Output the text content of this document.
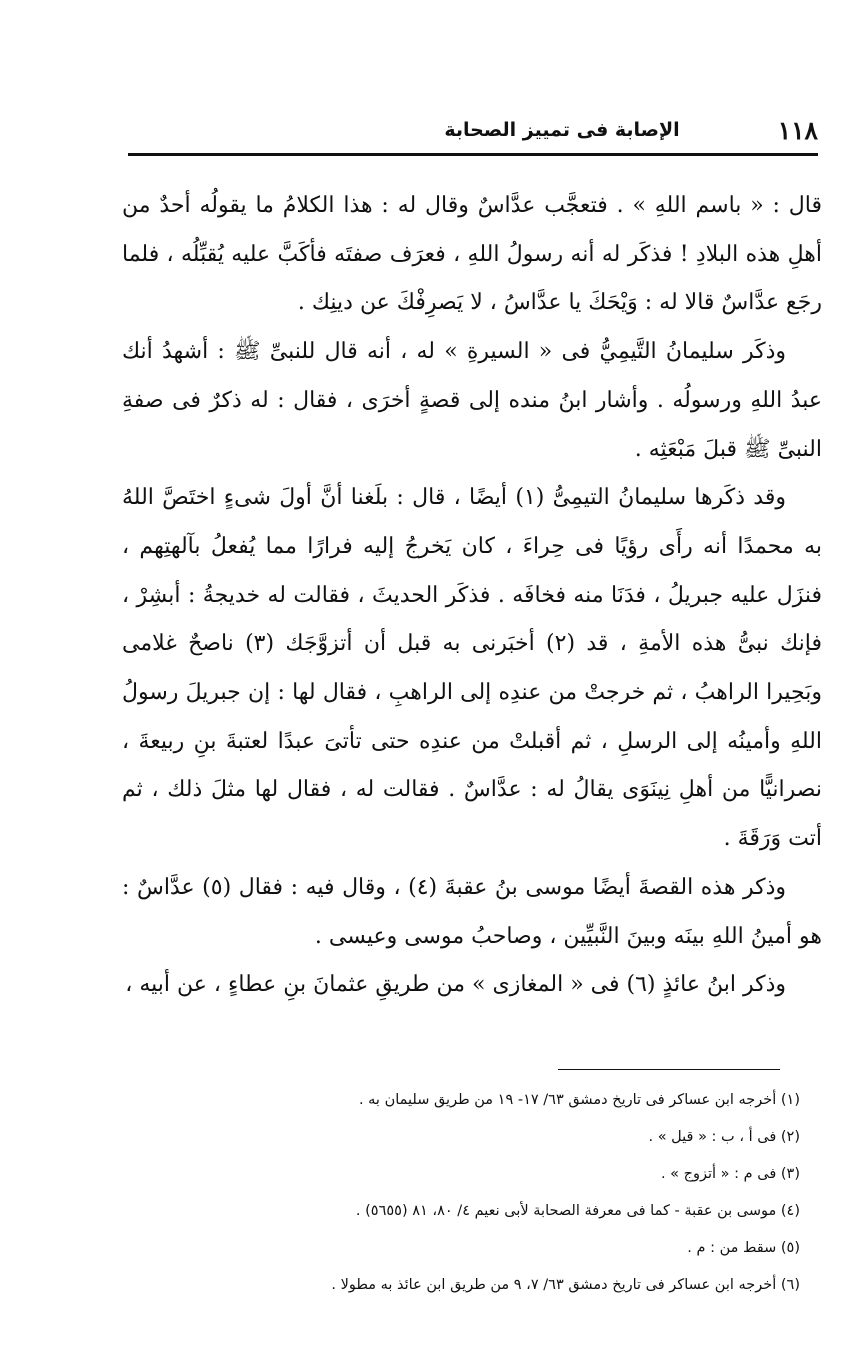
١١٨
الإصابة فى تمييز الصحابة

قال : « باسم اللهِ » . فتعجَّب عدَّاسٌ وقال له : هذا الكلامُ ما يقولُه أحدٌ من أهلِ هذه البلادِ ! فذكَر له أنه رسولُ اللهِ ، فعرَف صفتَه فأكَبَّ عليه يُقبِّلُه ، فلما رجَع عدَّاسٌ قالا له : وَيْحَكَ يا عدَّاسُ ، لا يَصرِفْكَ عن دينِك .

وذكَر سليمانُ التَّيمِيُّ فى « السيرةِ » له ، أنه قال للنبىِّ ﷺ : أشهدُ أنك عبدُ اللهِ ورسولُه . وأشار ابنُ منده إلى قصةٍ أخرَى ، فقال : له ذكرٌ فى صفةِ النبىِّ ﷺ قبلَ مَبْعَثِه .

وقد ذكَرها سليمانُ التيمِىُّ (١) أيضًا ، قال : بلَغنا أنَّ أولَ شىءٍ اختَصَّ اللهُ به محمدًا أنه رأَى رؤيًا فى حِراءَ ، كان يَخرجُ إليه فرارًا مما يُفعلُ بآلهتِهم ، فنزَل عليه جبريلُ ، فدَنَا منه فخافَه . فذكَر الحديثَ ، فقالت له خديجةُ : أبشِرْ ، فإنك نبىُّ هذه الأمةِ ، قد (٢) أخبَرنى به قبل أن أتزوَّجَك (٣) ناصحٌ غلامى وبَحِيرا الراهبُ ، ثم خرجتْ من عندِه إلى الراهبِ ، فقال لها : إن جبريلَ رسولُ اللهِ وأمينُه إلى الرسلِ ، ثم أقبلتْ من عندِه حتى تأتىَ عبدًا لعتبةَ بنِ ربيعةَ ، نصرانيًّا من أهلِ نِينَوَى يقالُ له : عدَّاسٌ . فقالت له ، فقال لها مثلَ ذلك ، ثم أتت وَرَقَةَ .

وذكر هذه القصةَ أيضًا موسى بنُ عقبةَ (٤) ، وقال فيه : فقال (٥) عدَّاسٌ : هو أمينُ اللهِ بينَه وبينَ النَّبيِّين ، وصاحبُ موسى وعيسى .

وذكر ابنُ عائذٍ (٦) فى « المغازى » من طريقِ عثمانَ بنِ عطاءٍ ، عن أبيه ،

(١) أخرجه ابن عساكر فى تاريخ دمشق ٦٣/ ١٧- ١٩ من طريق سليمان به .
(٢) فى أ ، ب : « قيل » .
(٣) فى م : « أتزوج » .
(٤) موسى بن عقبة - كما فى معرفة الصحابة لأبى نعيم ٤/ ٨٠، ٨١ (٥٦٥٥) .
(٥) سقط من : م .
(٦) أخرجه ابن عساكر فى تاريخ دمشق ٦٣/ ٧، ٩ من طريق ابن عائذ به مطولا .
